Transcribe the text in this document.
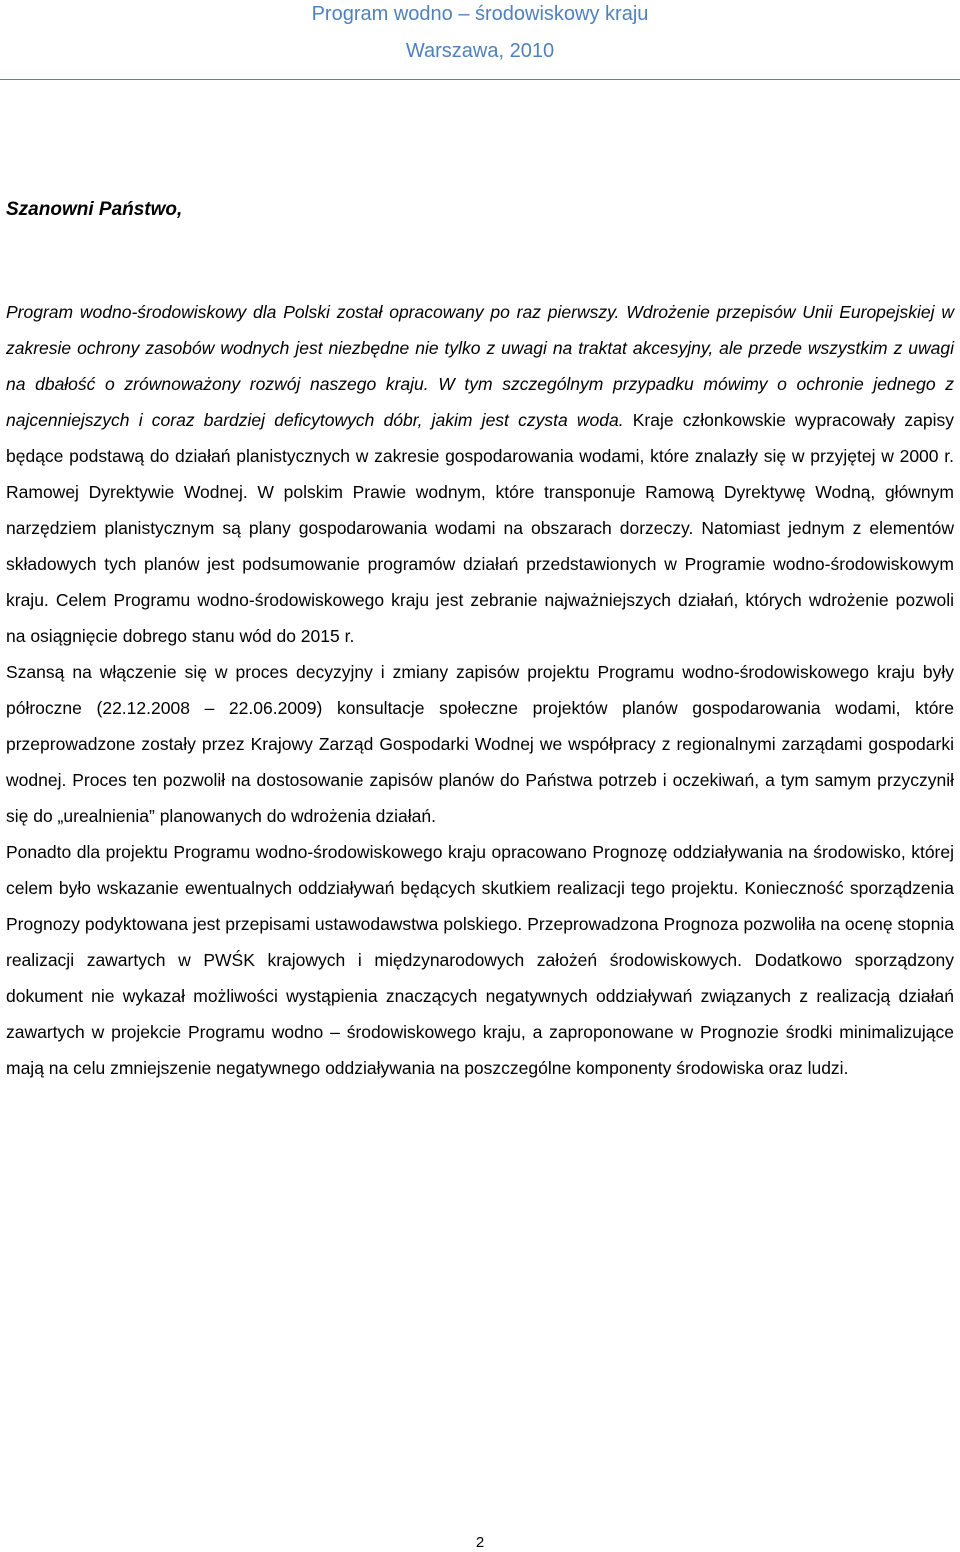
Program wodno – środowiskowy kraju
Warszawa, 2010
Szanowni Państwo,

Program wodno-środowiskowy dla Polski został opracowany po raz pierwszy. Wdrożenie przepisów Unii Europejskiej w zakresie ochrony zasobów wodnych jest niezbędne nie tylko z uwagi na traktat akcesyjny, ale przede wszystkim z uwagi na dbałość o zrównoważony rozwój naszego kraju. W tym szczególnym przypadku mówimy o ochronie jednego z najcenniejszych i coraz bardziej deficytowych dóbr, jakim jest czysta woda. Kraje członkowskie wypracowały zapisy będące podstawą do działań planistycznych w zakresie gospodarowania wodami, które znalazły się w przyjętej w 2000 r. Ramowej Dyrektywie Wodnej. W polskim Prawie wodnym, które transponuje Ramową Dyrektywę Wodną, głównym narzędziem planistycznym są plany gospodarowania wodami na obszarach dorzeczy. Natomiast jednym z elementów składowych tych planów jest podsumowanie programów działań przedstawionych w Programie wodno-środowiskowym kraju. Celem Programu wodno-środowiskowego kraju jest zebranie najważniejszych działań, których wdrożenie pozwoli na osiągnięcie dobrego stanu wód do 2015 r.

Szansą na włączenie się w proces decyzyjny i zmiany zapisów projektu Programu wodno-środowiskowego kraju były półroczne (22.12.2008 – 22.06.2009) konsultacje społeczne projektów planów gospodarowania wodami, które przeprowadzone zostały przez Krajowy Zarząd Gospodarki Wodnej we współpracy z regionalnymi zarządami gospodarki wodnej. Proces ten pozwolił na dostosowanie zapisów planów do Państwa potrzeb i oczekiwań, a tym samym przyczynił się do „urealnienia” planowanych do wdrożenia działań.

Ponadto dla projektu Programu wodno-środowiskowego kraju opracowano Prognozę oddziaływania na środowisko, której celem było wskazanie ewentualnych oddziaływań będących skutkiem realizacji tego projektu. Konieczność sporządzenia Prognozy podyktowana jest przepisami ustawodawstwa polskiego. Przeprowadzona Prognoza pozwoliła na ocenę stopnia realizacji zawartych w PWŚK krajowych i międzynarodowych założeń środowiskowych. Dodatkowo sporządzony dokument nie wykazał możliwości wystąpienia znaczących negatywnych oddziaływań związanych z realizacją działań zawartych w projekcie Programu wodno – środowiskowego kraju, a zaproponowane w Prognozie środki minimalizujące mają na celu zmniejszenie negatywnego oddziaływania na poszczególne komponenty środowiska oraz ludzi.

2
